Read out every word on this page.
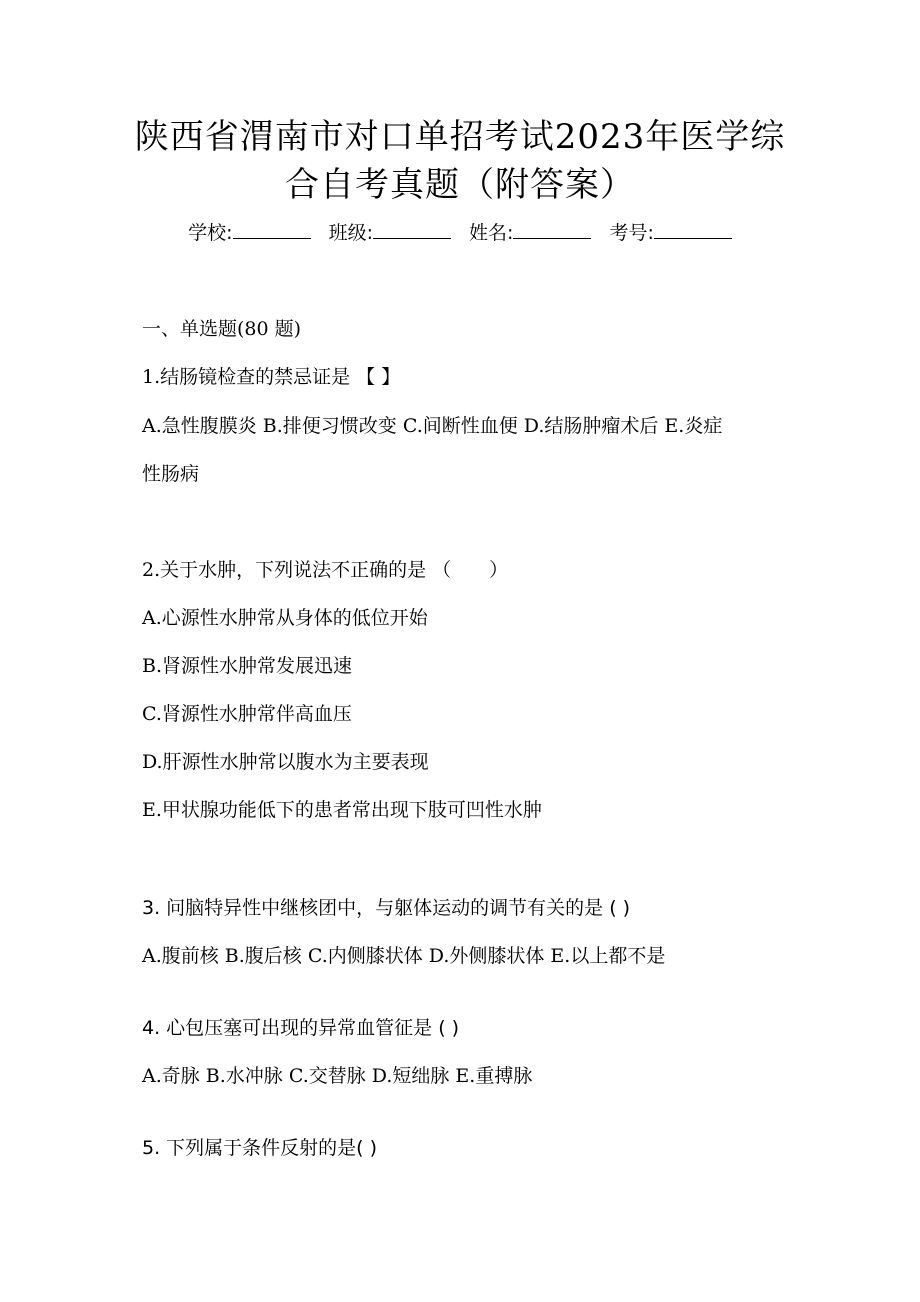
陕西省渭南市对口单招考试2023年医学综
合自考真题（附答案）
学校:	班级:	姓名:	考号:
一、单选题(80 题)
1.结肠镜检查的禁忌证是 【 】
A.急性腹膜炎 B.排便习惯改变 C.间断性血便 D.结肠肿瘤术后 E.炎症
性肠病
2.关于水肿，下列说法不正确的是 （　　）
A.心源性水肿常从身体的低位开始
B.肾源性水肿常发展迅速
C.肾源性水肿常伴高血压
D.肝源性水肿常以腹水为主要表现
E.甲状腺功能低下的患者常出现下肢可凹性水肿
3. 问脑特异性中继核团中，与躯体运动的调节有关的是 ( )
A.腹前核 B.腹后核 C.内侧膝状体 D.外侧膝状体 E.以上都不是
4. 心包压塞可出现的异常血管征是 ( )
A.奇脉 B.水冲脉 C.交替脉 D.短绌脉 E.重搏脉
5. 下列属于条件反射的是( )
